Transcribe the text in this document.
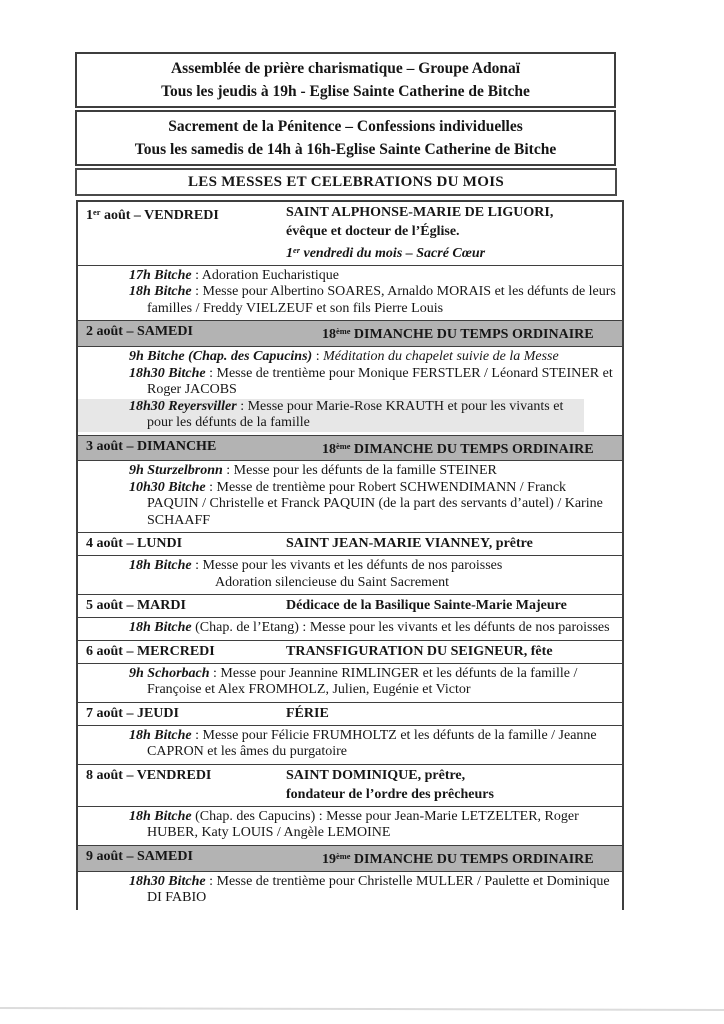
Assemblée de prière charismatique – Groupe Adonaï
Tous les jeudis à 19h - Eglise Sainte Catherine de Bitche
Sacrement de la Pénitence – Confessions individuelles
Tous les samedis de 14h à 16h-Eglise Sainte Catherine de Bitche
LES MESSES ET CELEBRATIONS DU MOIS
1er août – VENDREDI	SAINT ALPHONSE-MARIE DE LIGUORI,
évêque et docteur de l’Église.
1er vendredi du mois – Sacré Cœur
17h Bitche : Adoration Eucharistique
18h Bitche : Messe pour Albertino SOARES, Arnaldo MORAIS et les défunts de leurs familles / Freddy VIELZEUF et son fils Pierre Louis
2 août – SAMEDI	18ème DIMANCHE DU TEMPS ORDINAIRE
9h Bitche (Chap. des Capucins) : Méditation du chapelet suivie de la Messe
18h30 Bitche : Messe de trentième pour Monique FERSTLER / Léonard STEINER et Roger JACOBS
18h30 Reyersviller : Messe pour Marie-Rose KRAUTH et pour les vivants et pour les défunts de la famille
3 août – DIMANCHE	18ème DIMANCHE DU TEMPS ORDINAIRE
9h Sturzelbronn : Messe pour les défunts de la famille STEINER
10h30 Bitche : Messe de trentième pour Robert SCHWENDIMANN / Franck PAQUIN / Christelle et Franck PAQUIN (de la part des servants d’autel) / Karine SCHAAFF
4 août – LUNDI	SAINT JEAN-MARIE VIANNEY, prêtre
18h Bitche : Messe pour les vivants et les défunts de nos paroisses
Adoration silencieuse du Saint Sacrement
5 août – MARDI	Dédicace de la Basilique Sainte-Marie Majeure
18h Bitche (Chap. de l’Etang) : Messe pour les vivants et les défunts de nos paroisses
6 août – MERCREDI	TRANSFIGURATION DU SEIGNEUR, fête
9h Schorbach : Messe pour Jeannine RIMLINGER et les défunts de la famille / Françoise et Alex FROMHOLZ, Julien, Eugénie et Victor
7 août – JEUDI	FÉRIE
18h Bitche : Messe pour Félicie FRUMHOLTZ et les défunts de la famille / Jeanne CAPRON et les âmes du purgatoire
8 août – VENDREDI	SAINT DOMINIQUE, prêtre,
fondateur de l’ordre des prêcheurs
18h Bitche (Chap. des Capucins) : Messe pour Jean-Marie LETZELTER, Roger HUBER, Katy LOUIS / Angèle LEMOINE
9 août – SAMEDI	19ème DIMANCHE DU TEMPS ORDINAIRE
18h30 Bitche : Messe de trentième pour Christelle MULLER / Paulette et Dominique DI FABIO
